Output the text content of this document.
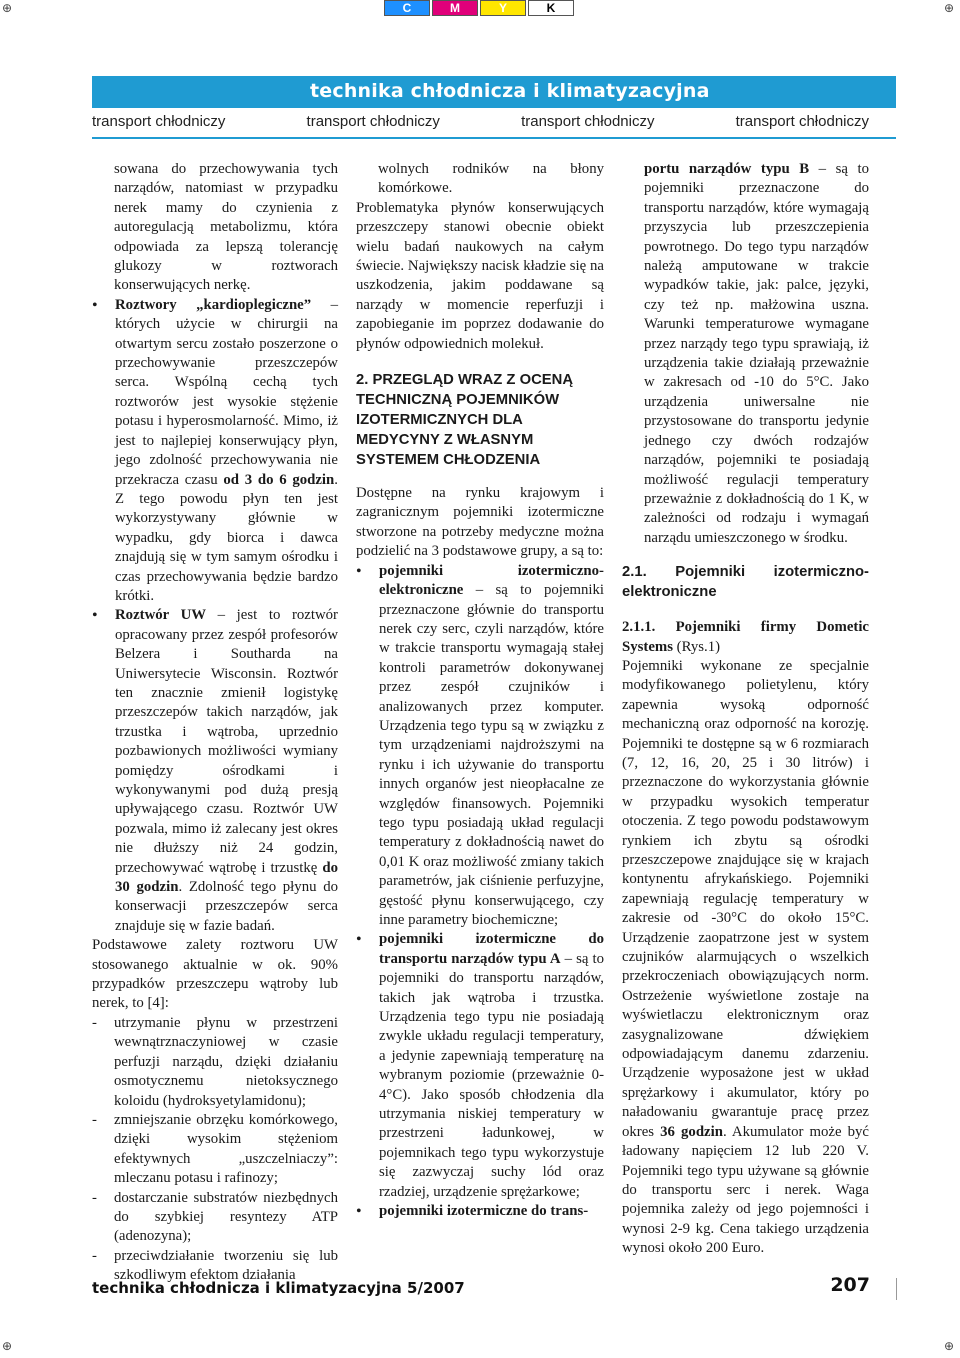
C	M	Y	K
⊕	⊕
⊕	⊕
technika chłodnicza i klimatyzacyjna
transport chłodniczy	transport chłodniczy	transport chłodniczy	transport chłodniczy

sowana do przechowywania tych narządów, natomiast w przypadku nerek mamy do czynienia z autoregulacją metabolizmu, która odpowiada za lepszą tolerancję glukozy w roztworach konserwujących nerkę.

• Roztwory „kardioplegiczne” – których użycie w chirurgii na otwartym sercu zostało poszerzone o przechowywanie przeszczepów serca. Wspólną cechą tych roztworów jest wysokie stężenie potasu i hyperosmolarność. Mimo, iż jest to najlepiej konserwujący płyn, jego zdolność przechowywania nie przekracza czasu od 3 do 6 godzin. Z tego powodu płyn ten jest wykorzystywany głównie w wypadku, gdy biorca i dawca znajdują się w tym samym ośrodku i czas przechowywania będzie bardzo krótki.

• Roztwór UW – jest to roztwór opracowany przez zespół profesorów Belzera i Southarda na Uniwersytecie Wisconsin. Roztwór ten znacznie zmienił logistykę przeszczepów takich narządów, jak trzustka i wątroba, uprzednio pozbawionych możliwości wymiany pomiędzy ośrodkami i wykonywanymi pod dużą presją upływającego czasu. Roztwór UW pozwala, mimo iż zalecany jest okres nie dłuższy niż 24 godzin, przechowywać wątrobę i trzustkę do 30 godzin. Zdolność tego płynu do konserwacji przeszczepów serca znajduje się w fazie badań.

Podstawowe zalety roztworu UW stosowanego aktualnie w ok. 90% przypadków przeszczepu wątroby lub nerek, to [4]:

- utrzymanie płynu w przestrzeni wewnątrznaczyniowej w czasie perfuzji narządu, dzięki działaniu osmotycznemu nietoksycznego koloidu (hydroksyetylamidonu);

- zmniejszanie obrzęku komórkowego, dzięki wysokim stężeniom efektywnych „uszczelniaczy”: mleczanu potasu i rafinozy;

- dostarczanie substratów niezbędnych do szybkiej resyntezy ATP (adenozyna);

- przeciwdziałanie tworzeniu się lub szkodliwym efektom działania

wolnych rodników na błony komórkowe.

Problematyka płynów konserwujących przeszczepy stanowi obecnie obiekt wielu badań naukowych na całym świecie. Największy nacisk kładzie się na uszkodzenia, jakim poddawane są narządy w momencie reperfuzji i zapobieganie im poprzez dodawanie do płynów odpowiednich molekuł.

2. PRZEGLĄD WRAZ Z OCENĄ TECHNICZNĄ POJEMNIKÓW IZOTERMICZNYCH DLA MEDYCYNY Z WŁASNYM SYSTEMEM CHŁODZENIA

Dostępne na rynku krajowym i zagranicznym pojemniki izotermiczne stworzone na potrzeby medyczne można podzielić na 3 podstawowe grupy, a są to:

• pojemniki izotermiczno-elektroniczne – są to pojemniki przeznaczone głównie do transportu nerek czy serc, czyli narządów, które w trakcie transportu wymagają stałej kontroli parametrów dokonywanej przez zespół czujników i analizowanych przez komputer. Urządzenia tego typu są w związku z tym urządzeniami najdroższymi na rynku i ich używanie do transportu innych organów jest nieopłacalne ze względów finansowych. Pojemniki tego typu posiadają układ regulacji temperatury z dokładnością nawet do 0,01 K oraz możliwość zmiany takich parametrów, jak ciśnienie perfuzyjne, gęstość płynu konserwującego, czy inne parametry biochemiczne;

• pojemniki izotermiczne do transportu narządów typu A – są to pojemniki do transportu narządów, takich jak wątroba i trzustka. Urządzenia tego typu nie posiadają zwykle układu regulacji temperatury, a jedynie zapewniają temperaturę na wybranym poziomie (przeważnie 0-4°C). Jako sposób chłodzenia dla utrzymania niskiej temperatury w przestrzeni ładunkowej, w pojemnikach tego typu wykorzystuje się zazwyczaj suchy lód oraz rzadziej, urządzenie sprężarkowe;

• pojemniki izotermiczne do trans-

portu narządów typu B – są to pojemniki przeznaczone do transportu narządów, które wymagają przyszycia lub przeszczepienia powrotnego. Do tego typu narządów należą amputowane w trakcie wypadków takie, jak: palce, języki, czy też np. małżowina uszna. Warunki temperaturowe wymagane przez narządy tego typu sprawiają, iż urządzenia takie działają przeważnie w zakresach od -10 do 5°C. Jako urządzenia uniwersalne nie przystosowane do transportu jedynie jednego czy dwóch rodzajów narządów, pojemniki te posiadają możliwość regulacji temperatury przeważnie z dokładnością do 1 K, w zależności od rodzaju i wymagań narządu umieszczonego w środku.

2.1. Pojemniki izotermiczno-elektroniczne

2.1.1. Pojemniki firmy Dometic Systems (Rys.1)

Pojemniki wykonane ze specjalnie modyfikowanego polietylenu, który zapewnia wysoką odporność mechaniczną oraz odporność na korozję. Pojemniki te dostępne są w 6 rozmiarach (7, 12, 16, 20, 25 i 30 litrów) i przeznaczone do wykorzystania głównie w przypadku wysokich temperatur otoczenia. Z tego powodu podstawowym rynkiem ich zbytu są ośrodki przeszczepowe znajdujące się w krajach kontynentu afrykańskiego. Pojemniki zapewniają regulację temperatury w zakresie od -30°C do około 15°C. Urządzenie zaopatrzone jest w system czujników alarmujących o wszelkich przekroczeniach obowiązujących norm. Ostrzeżenie wyświetlone zostaje na wyświetlaczu elektronicznym oraz zasygnalizowane dźwiękiem odpowiadającym danemu zdarzeniu. Urządzenie wyposażone jest w układ sprężarkowy i akumulator, który po naładowaniu gwarantuje pracę przez okres 36 godzin. Akumulator może być ładowany napięciem 12 lub 220 V. Pojemniki tego typu używane są głównie do transportu serc i nerek. Waga pojemnika zależy od jego pojemności i wynosi 2-9 kg. Cena takiego urządzenia wynosi około 200 Euro.

technika chłodnicza i klimatyzacyjna 5/2007	207
